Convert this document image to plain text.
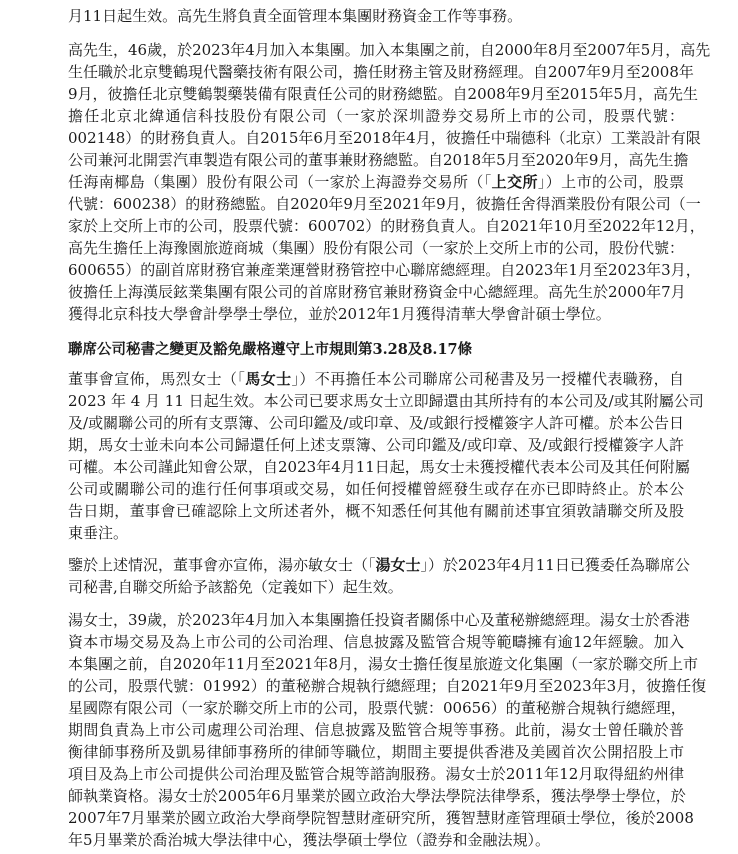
月11日起生效。高先生將負責全面管理本集團財務資金工作等事務。
高先生，46歲，於2023年4月加入本集團。加入本集團之前，自2000年8月至2007年5月，高先
生任職於北京雙鶴現代醫藥技術有限公司，擔任財務主管及財務經理。自2007年9月至2008年
9月，彼擔任北京雙鶴製藥裝備有限責任公司的財務總監。自2008年9月至2015年5月，高先生
擔任北京北緯通信科技股份有限公司（一家於深圳證券交易所上市的公司，股票代號：
002148）的財務負責人。自2015年6月至2018年4月，彼擔任中瑞德科（北京）工業設計有限
公司兼河北開雲汽車製造有限公司的董事兼財務總監。自2018年5月至2020年9月，高先生擔
任海南椰島（集團）股份有限公司（一家於上海證券交易所（「上交所」）上市的公司，股票
代號：600238）的財務總監。自2020年9月至2021年9月，彼擔任舍得酒業股份有限公司（一
家於上交所上市的公司，股票代號：600702）的財務負責人。自2021年10月至2022年12月，
高先生擔任上海豫園旅遊商城（集團）股份有限公司（一家於上交所上市的公司，股份代號：
600655）的副首席財務官兼產業運營財務管控中心聯席總經理。自2023年1月至2023年3月，
彼擔任上海漢辰鉉業集團有限公司的首席財務官兼財務資金中心總經理。高先生於2000年7月
獲得北京科技大學會計學學士學位，並於2012年1月獲得清華大學會計碩士學位。
聯席公司秘書之變更及豁免嚴格遵守上市規則第3.28及8.17條
董事會宣佈，馬烈女士（「馬女士」）不再擔任本公司聯席公司秘書及另一授權代表職務，自
2023 年 4 月 11 日起生效。本公司已要求馬女士立即歸還由其所持有的本公司及/或其附屬公司
及/或關聯公司的所有支票簿、公司印鑑及/或印章、及/或銀行授權簽字人許可權。於本公告日
期，馬女士並未向本公司歸還任何上述支票簿、公司印鑑及/或印章、及/或銀行授權簽字人許
可權。本公司謹此知會公眾，自2023年4月11日起，馬女士未獲授權代表本公司及其任何附屬
公司或關聯公司的進行任何事項或交易，如任何授權曾經發生或存在亦已即時終止。於本公
告日期，董事會已確認除上文所述者外，概不知悉任何其他有關前述事宜須敦請聯交所及股
東垂注。
鑒於上述情況，董事會亦宣佈，湯亦敏女士（「湯女士」）於2023年4月11日已獲委任為聯席公
司秘書,自聯交所給予該豁免（定義如下）起生效。
湯女士，39歲，於2023年4月加入本集團擔任投資者關係中心及董秘辦總經理。湯女士於香港
資本市場交易及為上市公司的公司治理、信息披露及監管合規等範疇擁有逾12年經驗。加入
本集團之前，自2020年11月至2021年8月，湯女士擔任復星旅遊文化集團（一家於聯交所上市
的公司，股票代號：01992）的董秘辦合規執行總經理；自2021年9月至2023年3月，彼擔任復
星國際有限公司（一家於聯交所上市的公司，股票代號：00656）的董秘辦合規執行總經理，
期間負責為上市公司處理公司治理、信息披露及監管合規等事務。此前，湯女士曾任職於普
衡律師事務所及凱易律師事務所的律師等職位，期間主要提供香港及美國首次公開招股上市
項目及為上市公司提供公司治理及監管合規等諮詢服務。湯女士於2011年12月取得紐約州律
師執業資格。湯女士於2005年6月畢業於國立政治大學法學院法律學系，獲法學學士學位，於
2007年7月畢業於國立政治大學商學院智慧財產研究所，獲智慧財產管理碩士學位，後於2008
年5月畢業於喬治城大學法律中心，獲法學碩士學位（證券和金融法規）。
